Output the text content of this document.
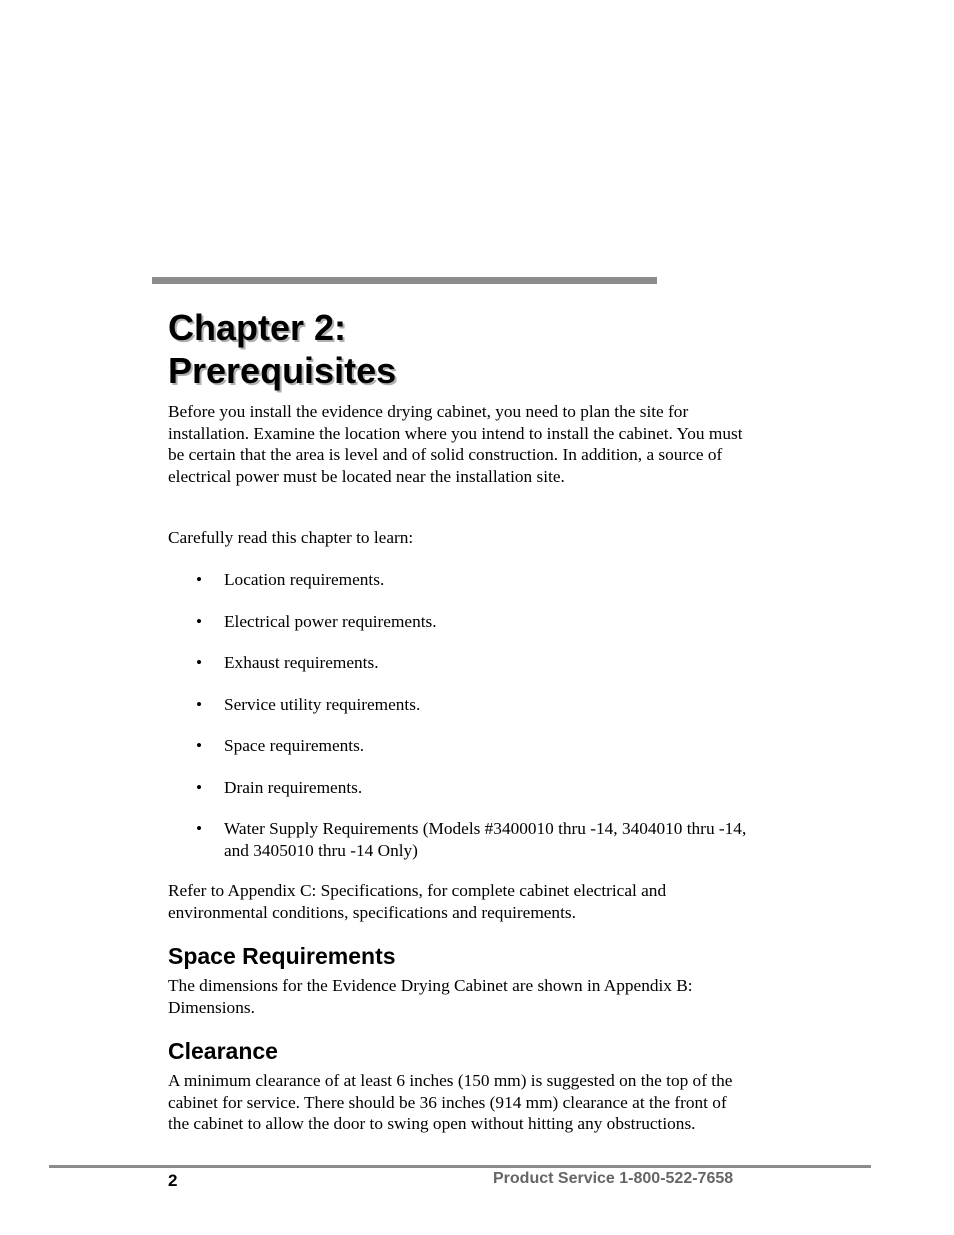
Chapter 2:
Prerequisites

Before you install the evidence drying cabinet, you need to plan the site for installation. Examine the location where you intend to install the cabinet. You must be certain that the area is level and of solid construction. In addition, a source of electrical power must be located near the installation site.

Carefully read this chapter to learn:

• Location requirements.
• Electrical power requirements.
• Exhaust requirements.
• Service utility requirements.
• Space requirements.
• Drain requirements.
• Water Supply Requirements (Models #3400010 thru -14, 3404010 thru -14, and 3405010 thru -14 Only)

Refer to Appendix C: Specifications, for complete cabinet electrical and environmental conditions, specifications and requirements.

Space Requirements

The dimensions for the Evidence Drying Cabinet are shown in Appendix B: Dimensions.

Clearance

A minimum clearance of at least 6 inches (150 mm) is suggested on the top of the cabinet for service. There should be 36 inches (914 mm) clearance at the front of the cabinet to allow the door to swing open without hitting any obstructions.

2	Product Service 1-800-522-7658
